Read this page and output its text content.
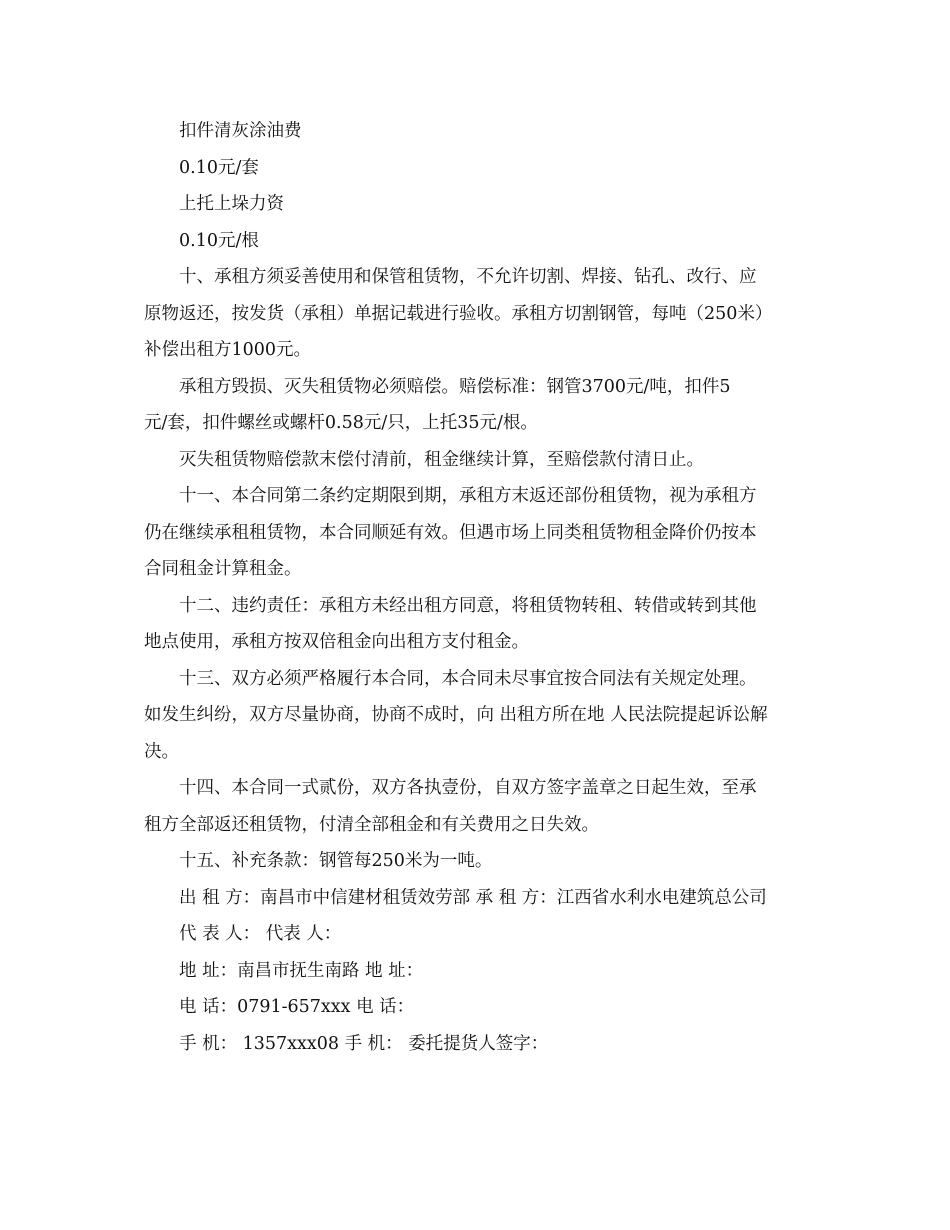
扣件清灰涂油费
0.10元/套
上托上垛力资
0.10元/根
十、承租方须妥善使用和保管租赁物，不允许切割、焊接、钻孔、改行、应
原物返还，按发货（承租）单据记载进行验收。承租方切割钢管，每吨（250米）
补偿出租方1000元。
承租方毁损、灭失租赁物必须赔偿。赔偿标准：钢管3700元/吨，扣件5
元/套，扣件螺丝或螺杆0.58元/只，上托35元/根。
灭失租赁物赔偿款末偿付清前，租金继续计算，至赔偿款付清日止。
十一、本合同第二条约定期限到期，承租方末返还部份租赁物，视为承租方
仍在继续承租租赁物，本合同顺延有效。但遇市场上同类租赁物租金降价仍按本
合同租金计算租金。
十二、违约责任：承租方未经出租方同意，将租赁物转租、转借或转到其他
地点使用，承租方按双倍租金向出租方支付租金。
十三、双方必须严格履行本合同，本合同未尽事宜按合同法有关规定处理。
如发生纠纷，双方尽量协商，协商不成时，向 出租方所在地 人民法院提起诉讼解
决。
十四、本合同一式贰份，双方各执壹份，自双方签字盖章之日起生效，至承
租方全部返还租赁物，付清全部租金和有关费用之日失效。
十五、补充条款：钢管每250米为一吨。
出 租 方：南昌市中信建材租赁效劳部 承 租 方：江西省水利水电建筑总公司
代 表 人： 代表 人：
地 址：南昌市抚生南路 地 址：
电 话：0791-657xxx 电 话：
手 机： 1357xxx08 手 机： 委托提货人签字：
